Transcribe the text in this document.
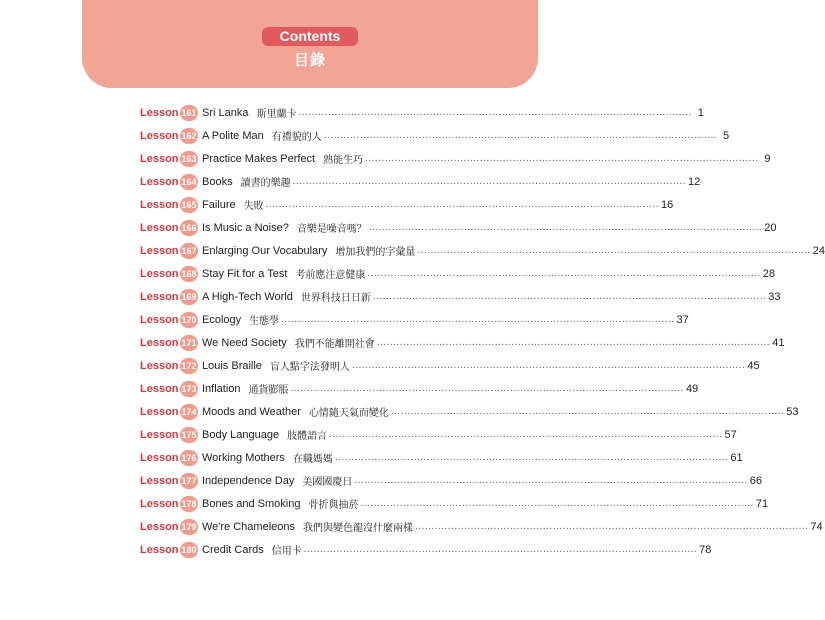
Contents
目錄
Lesson 161 Sri Lanka 斯里蘭卡 ........................................................................................................................ 1
Lesson 162 A Polite Man 有禮貌的人 ........................................................................................................................ 5
Lesson 163 Practice Makes Perfect 熟能生巧 ........................................................................................................................ 9
Lesson 164 Books 讀書的樂趣 ........................................................................................................................ 12
Lesson 165 Failure 失敗 ........................................................................................................................ 16
Lesson 166 Is Music a Noise? 音樂是噪音嗎？ ........................................................................................................................ 20
Lesson 167 Enlarging Our Vocabulary 增加我們的字彙量 ........................................................................................................................ 24
Lesson 168 Stay Fit for a Test 考前應注意健康 ........................................................................................................................ 28
Lesson 169 A High-Tech World 世界科技日日新 ........................................................................................................................ 33
Lesson 170 Ecology 生態學 ........................................................................................................................ 37
Lesson 171 We Need Society 我們不能離開社會 ........................................................................................................................ 41
Lesson 172 Louis Braille 盲人點字法發明人 ........................................................................................................................ 45
Lesson 173 Inflation 通貨膨脹 ........................................................................................................................ 49
Lesson 174 Moods and Weather 心情隨天氣而變化 ........................................................................................................................ 53
Lesson 175 Body Language 肢體語言 ........................................................................................................................ 57
Lesson 176 Working Mothers 在職媽媽 ........................................................................................................................ 61
Lesson 177 Independence Day 美國國慶日 ........................................................................................................................ 66
Lesson 178 Bones and Smoking 骨折與抽菸 ........................................................................................................................ 71
Lesson 179 We're Chameleons 我們與變色龍沒什麼兩樣 ........................................................................................................................ 74
Lesson 180 Credit Cards 信用卡 ........................................................................................................................ 78
